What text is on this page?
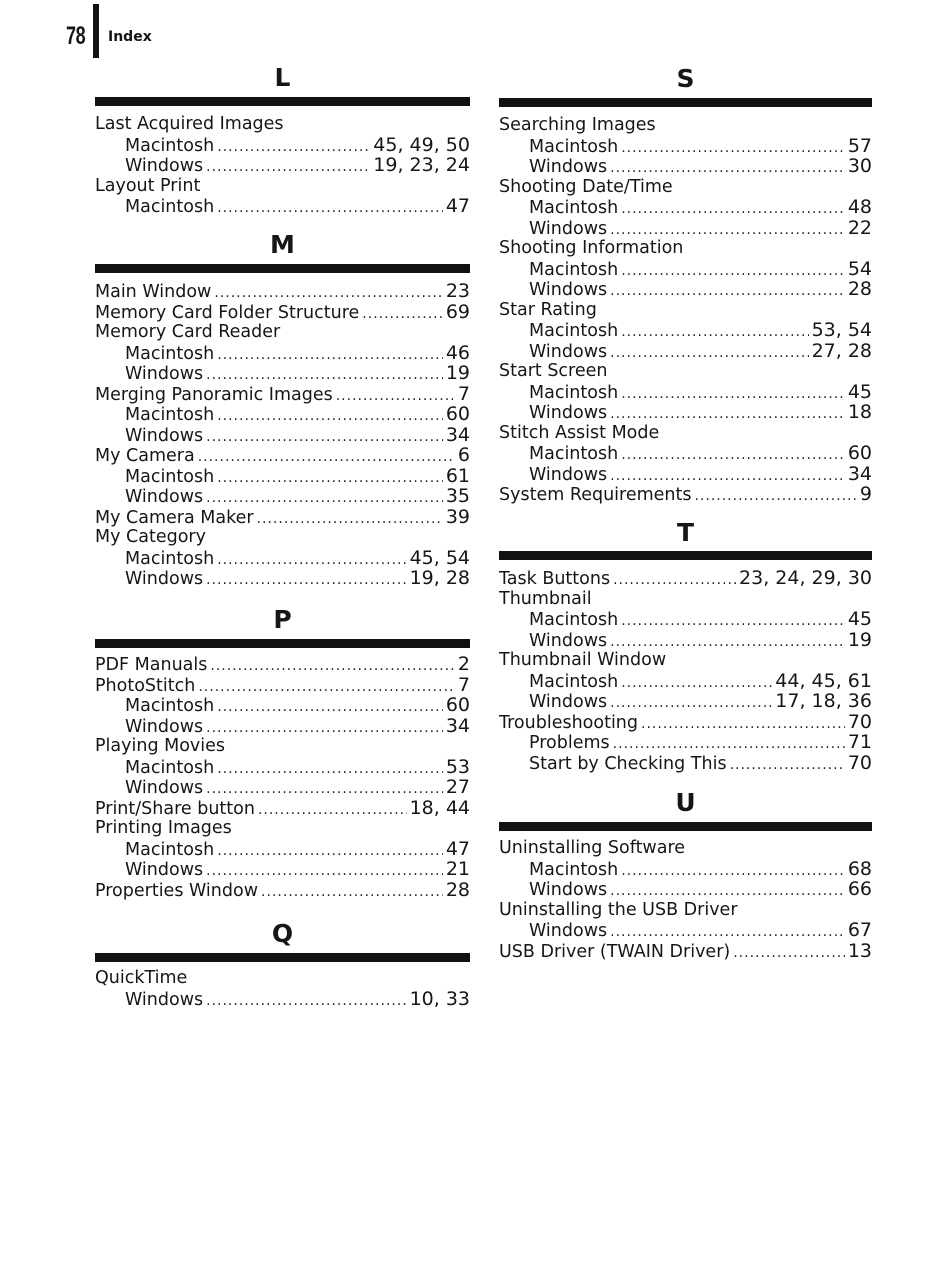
78 Index
L
Last Acquired Images
Macintosh .....	45, 49, 50
Windows .....	19, 23, 24
Layout Print
Macintosh .....	47
M
Main Window .....	23
Memory Card Folder Structure .....	69
Memory Card Reader
Macintosh .....	46
Windows .....	19
Merging Panoramic Images .....	7
Macintosh .....	60
Windows .....	34
My Camera .....	6
Macintosh .....	61
Windows .....	35
My Camera Maker .....	39
My Category
Macintosh .....	45, 54
Windows .....	19, 28
P
PDF Manuals .....	2
PhotoStitch .....	7
Macintosh .....	60
Windows .....	34
Playing Movies
Macintosh .....	53
Windows .....	27
Print/Share button .....	18, 44
Printing Images
Macintosh .....	47
Windows .....	21
Properties Window .....	28
Q
QuickTime
Windows .....	10, 33
S
Searching Images
Macintosh .....	57
Windows .....	30
Shooting Date/Time
Macintosh .....	48
Windows .....	22
Shooting Information
Macintosh .....	54
Windows .....	28
Star Rating
Macintosh .....	53, 54
Windows .....	27, 28
Start Screen
Macintosh .....	45
Windows .....	18
Stitch Assist Mode
Macintosh .....	60
Windows .....	34
System Requirements .....	9
T
Task Buttons .....	23, 24, 29, 30
Thumbnail
Macintosh .....	45
Windows .....	19
Thumbnail Window
Macintosh .....	44, 45, 61
Windows .....	17, 18, 36
Troubleshooting .....	70
Problems .....	71
Start by Checking This .....	70
U
Uninstalling Software
Macintosh .....	68
Windows .....	66
Uninstalling the USB Driver
Windows .....	67
USB Driver (TWAIN Driver) .....	13
